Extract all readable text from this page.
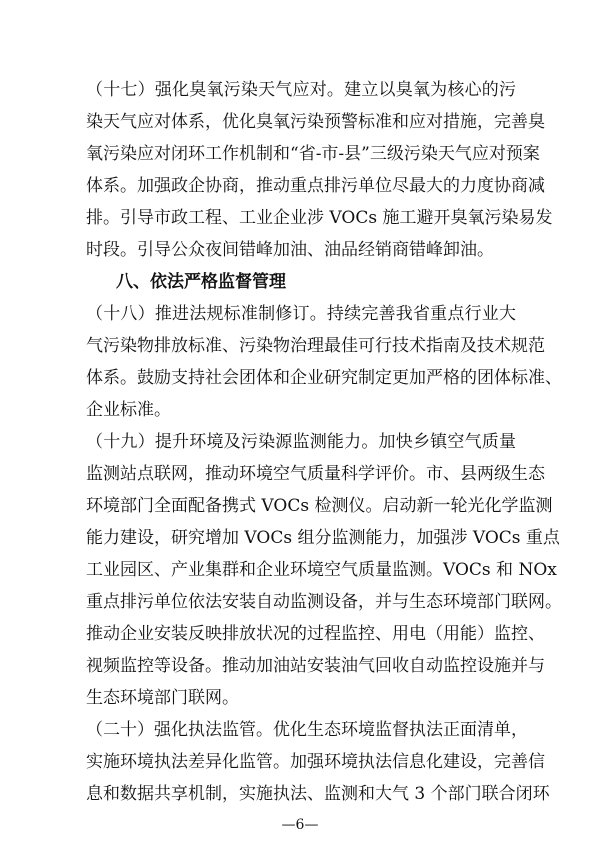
（十七）强化臭氧污染天气应对。建立以臭氧为核心的污
染天气应对体系，优化臭氧污染预警标准和应对措施，完善臭
氧污染应对闭环工作机制和“省-市-县”三级污染天气应对预案
体系。加强政企协商，推动重点排污单位尽最大的力度协商减
排。引导市政工程、工业企业涉 VOCs 施工避开臭氧污染易发
时段。引导公众夜间错峰加油、油品经销商错峰卸油。
八、依法严格监督管理
（十八）推进法规标准制修订。持续完善我省重点行业大
气污染物排放标准、污染物治理最佳可行技术指南及技术规范
体系。鼓励支持社会团体和企业研究制定更加严格的团体标准、
企业标准。
（十九）提升环境及污染源监测能力。加快乡镇空气质量
监测站点联网，推动环境空气质量科学评价。市、县两级生态
环境部门全面配备携式 VOCs 检测仪。启动新一轮光化学监测
能力建设，研究增加 VOCs 组分监测能力，加强涉 VOCs 重点
工业园区、产业集群和企业环境空气质量监测。VOCs 和 NOx
重点排污单位依法安装自动监测设备，并与生态环境部门联网。
推动企业安装反映排放状况的过程监控、用电（用能）监控、
视频监控等设备。推动加油站安装油气回收自动监控设施并与
生态环境部门联网。
（二十）强化执法监管。优化生态环境监督执法正面清单，
实施环境执法差异化监管。加强环境执法信息化建设，完善信
息和数据共享机制，实施执法、监测和大气 3 个部门联合闭环
—6—
